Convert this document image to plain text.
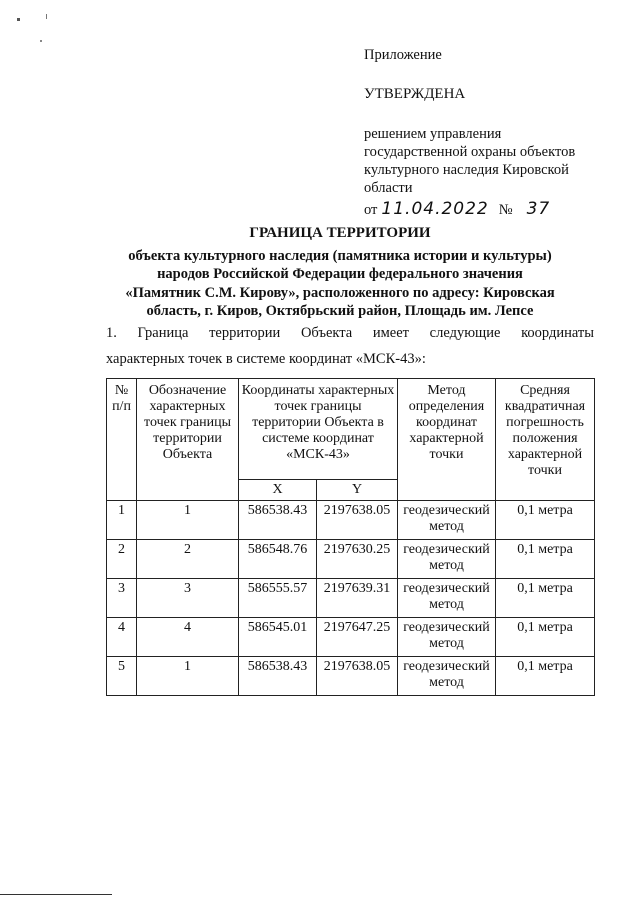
Приложение
УТВЕРЖДЕНА
решением управления
государственной охраны объектов
культурного наследия Кировской
области
от 11.04.2022 № 37
ГРАНИЦА ТЕРРИТОРИИ
объекта культурного наследия (памятника истории и культуры)
народов Российской Федерации федерального значения
«Памятник С.М. Кирову», расположенного по адресу: Кировская
область, г. Киров, Октябрьский район, Площадь им. Лепсе
1. Граница территории Объекта имеет следующие координаты
характерных точек в системе координат «МСК-43»:
№ п/п	Обозначение характерных точек границы территории Объекта	Координаты характерных точек границы территории Объекта в системе координат «МСК-43»		Метод определения координат характерной точки	Средняя квадратичная погрешность положения характерной точки
		X	Y		
1	1	586538.43	2197638.05	геодезический метод	0,1 метра
2	2	586548.76	2197630.25	геодезический метод	0,1 метра
3	3	586555.57	2197639.31	геодезический метод	0,1 метра
4	4	586545.01	2197647.25	геодезический метод	0,1 метра
5	1	586538.43	2197638.05	геодезический метод	0,1 метра
